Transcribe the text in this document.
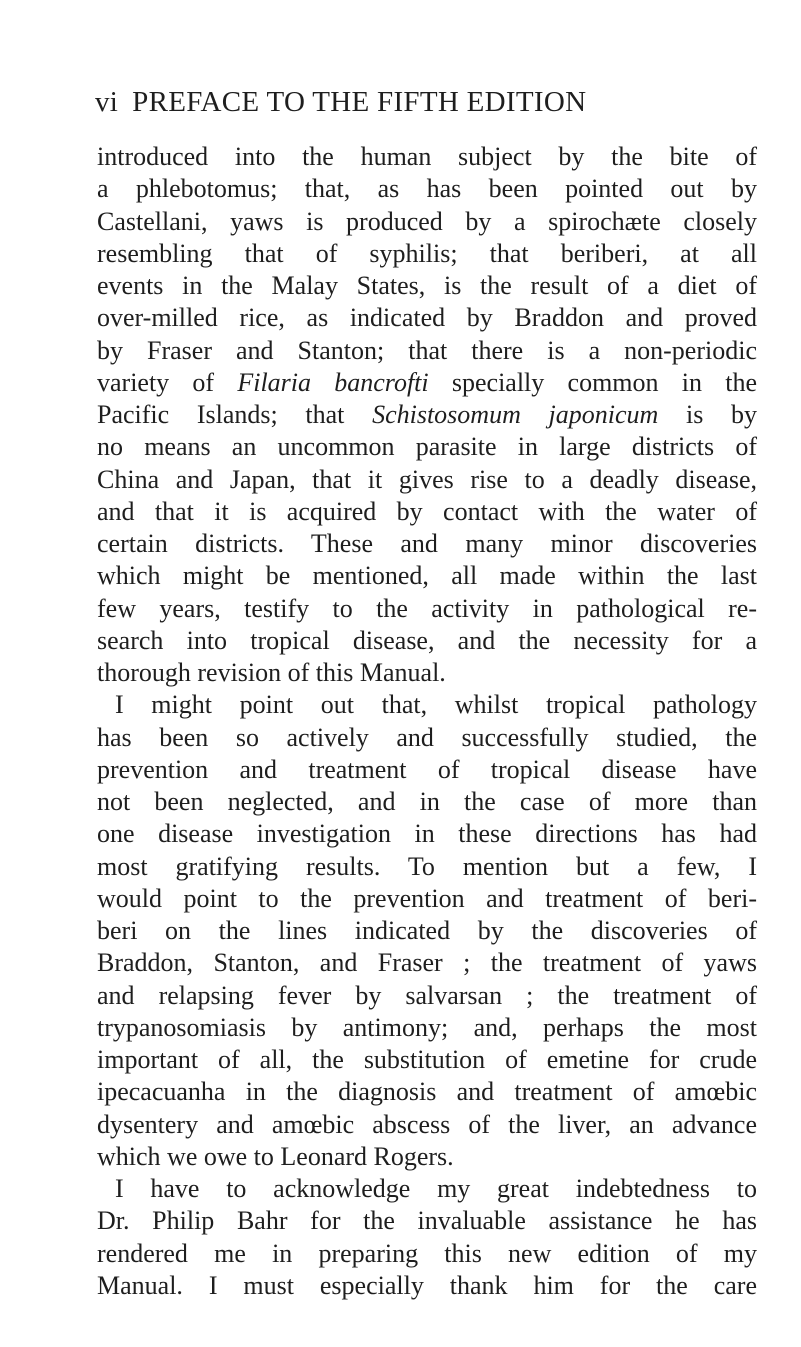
vi PREFACE TO THE FIFTH EDITION
introduced into the human subject by the bite of
a phlebotomus; that, as has been pointed out by
Castellani, yaws is produced by a spirochæte closely
resembling that of syphilis; that beriberi, at all
events in the Malay States, is the result of a diet of
over-milled rice, as indicated by Braddon and proved
by Fraser and Stanton; that there is a non-periodic
variety of Filaria bancrofti specially common in the
Pacific Islands; that Schistosomum japonicum is by
no means an uncommon parasite in large districts of
China and Japan, that it gives rise to a deadly disease,
and that it is acquired by contact with the water of
certain districts. These and many minor discoveries
which might be mentioned, all made within the last
few years, testify to the activity in pathological re-
search into tropical disease, and the necessity for a
thorough revision of this Manual.
I might point out that, whilst tropical pathology
has been so actively and successfully studied, the
prevention and treatment of tropical disease have
not been neglected, and in the case of more than
one disease investigation in these directions has had
most gratifying results. To mention but a few, I
would point to the prevention and treatment of beri-
beri on the lines indicated by the discoveries of
Braddon, Stanton, and Fraser ; the treatment of yaws
and relapsing fever by salvarsan ; the treatment of
trypanosomiasis by antimony; and, perhaps the most
important of all, the substitution of emetine for crude
ipecacuanha in the diagnosis and treatment of amœbic
dysentery and amœbic abscess of the liver, an advance
which we owe to Leonard Rogers.
I have to acknowledge my great indebtedness to
Dr. Philip Bahr for the invaluable assistance he has
rendered me in preparing this new edition of my
Manual. I must especially thank him for the care
